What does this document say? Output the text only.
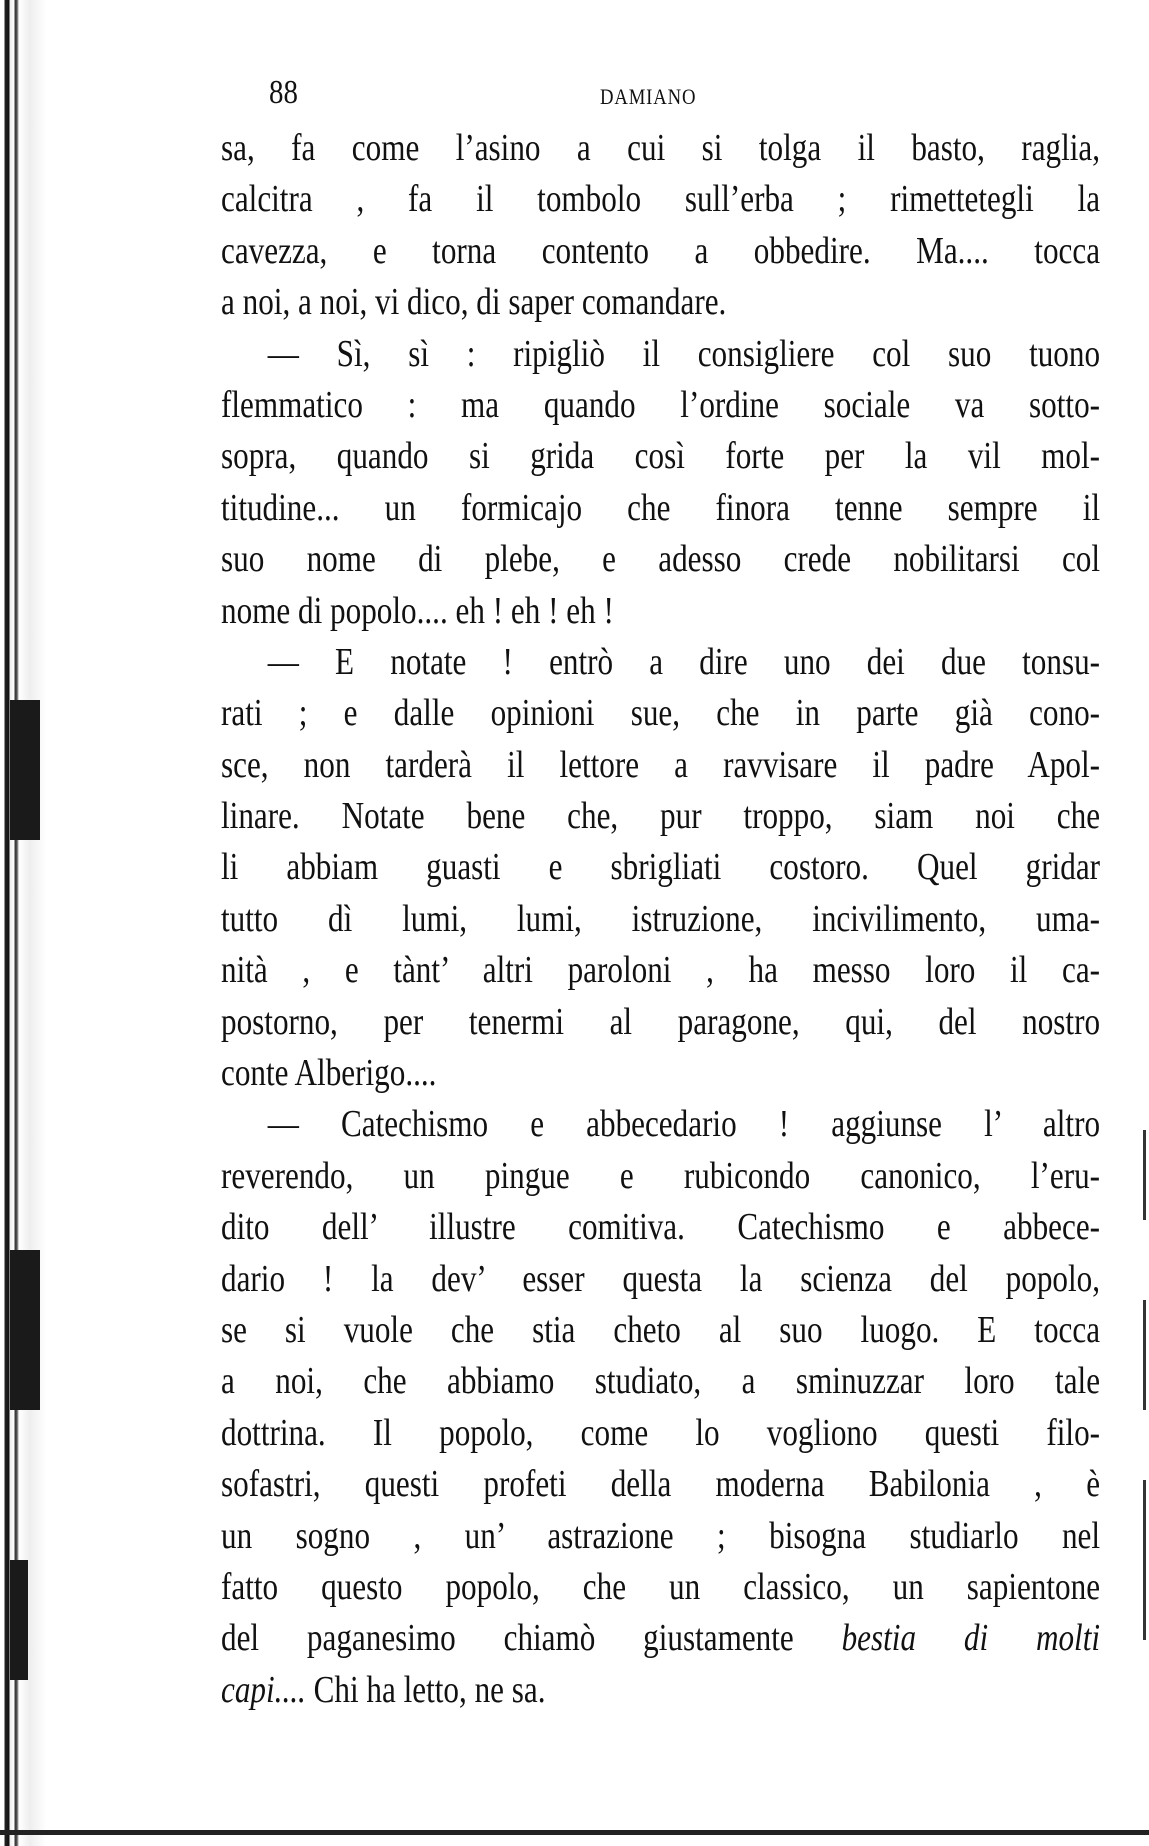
88	DAMIANO
sa, fa come l’asino a cui si tolga il basto, raglia,
calcitra , fa il tombolo sull’erba ; rimettetegli la
cavezza, e torna contento a obbedire. Ma.... tocca
a noi, a noi, vi dico, di saper comandare.
— Sì, sì : ripigliò il consigliere col suo tuono
flemmatico : ma quando l’ordine sociale va sotto-
sopra, quando si grida così forte per la vil mol-
titudine... un formicajo che finora tenne sempre il
suo nome di plebe, e adesso crede nobilitarsi col
nome di popolo.... eh ! eh ! eh !
— E notate ! entrò a dire uno dei due tonsu-
rati ; e dalle opinioni sue, che in parte già cono-
sce, non tarderà il lettore a ravvisare il padre Apol-
linare. Notate bene che, pur troppo, siam noi che
li abbiam guasti e sbrigliati costoro. Quel gridar
tutto dì lumi, lumi, istruzione, incivilimento, uma-
nità , e tànt’ altri paroloni , ha messo loro il ca-
postorno, per tenermi al paragone, qui, del nostro
conte Alberigo....
— Catechismo e abbecedario ! aggiunse l’ altro
reverendo, un pingue e rubicondo canonico, l’eru-
dito dell’ illustre comitiva. Catechismo e abbece-
dario ! la dev’ esser questa la scienza del popolo,
se si vuole che stia cheto al suo luogo. E tocca
a noi, che abbiamo studiato, a sminuzzar loro tale
dottrina. Il popolo, come lo vogliono questi filo-
sofastri, questi profeti della moderna Babilonia , è
un sogno , un’ astrazione ; bisogna studiarlo nel
fatto questo popolo, che un classico, un sapientone
del paganesimo chiamò giustamente bestia di molti
capi.... Chi ha letto, ne sa.
